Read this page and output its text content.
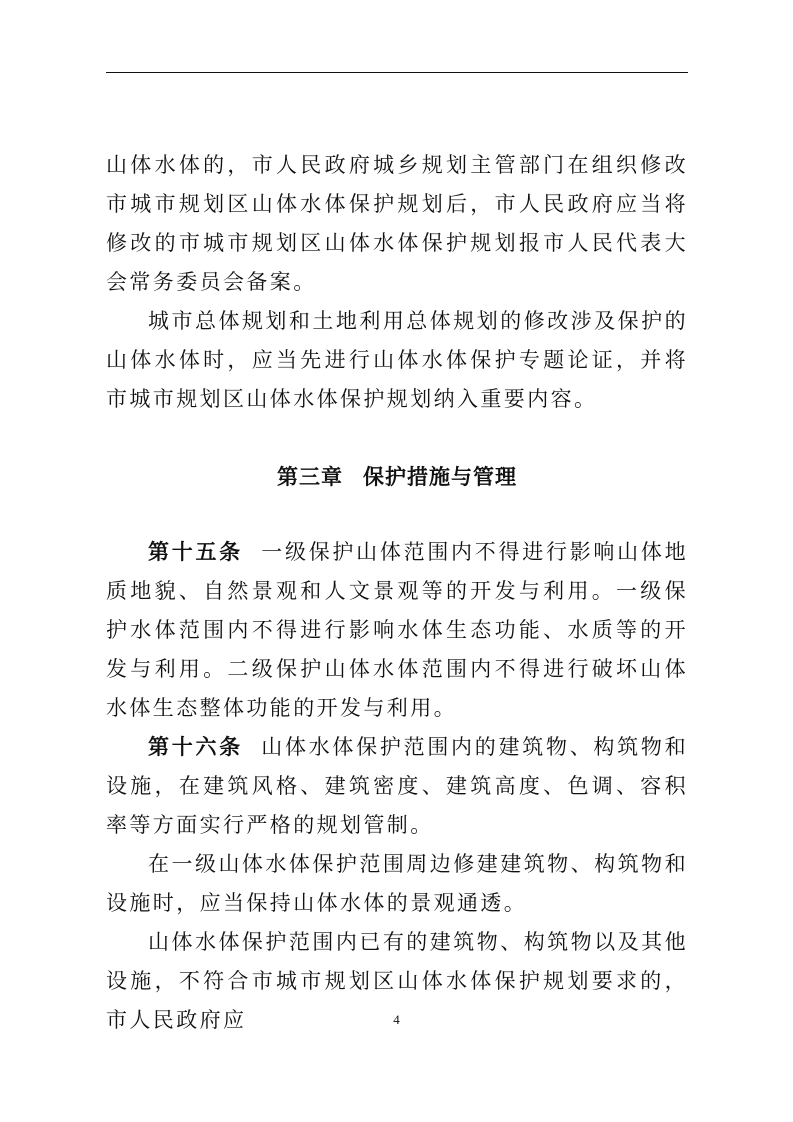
山体水体的，市人民政府城乡规划主管部门在组织修改市城市规划区山体水体保护规划后，市人民政府应当将修改的市城市规划区山体水体保护规划报市人民代表大会常务委员会备案。

城市总体规划和土地利用总体规划的修改涉及保护的山体水体时，应当先进行山体水体保护专题论证，并将市城市规划区山体水体保护规划纳入重要内容。

第三章 保护措施与管理

第十五条 一级保护山体范围内不得进行影响山体地质地貌、自然景观和人文景观等的开发与利用。一级保护水体范围内不得进行影响水体生态功能、水质等的开发与利用。二级保护山体水体范围内不得进行破坏山体水体生态整体功能的开发与利用。

第十六条 山体水体保护范围内的建筑物、构筑物和设施，在建筑风格、建筑密度、建筑高度、色调、容积率等方面实行严格的规划管制。

在一级山体水体保护范围周边修建建筑物、构筑物和设施时，应当保持山体水体的景观通透。

山体水体保护范围内已有的建筑物、构筑物以及其他设施，不符合市城市规划区山体水体保护规划要求的，市人民政府应	4
